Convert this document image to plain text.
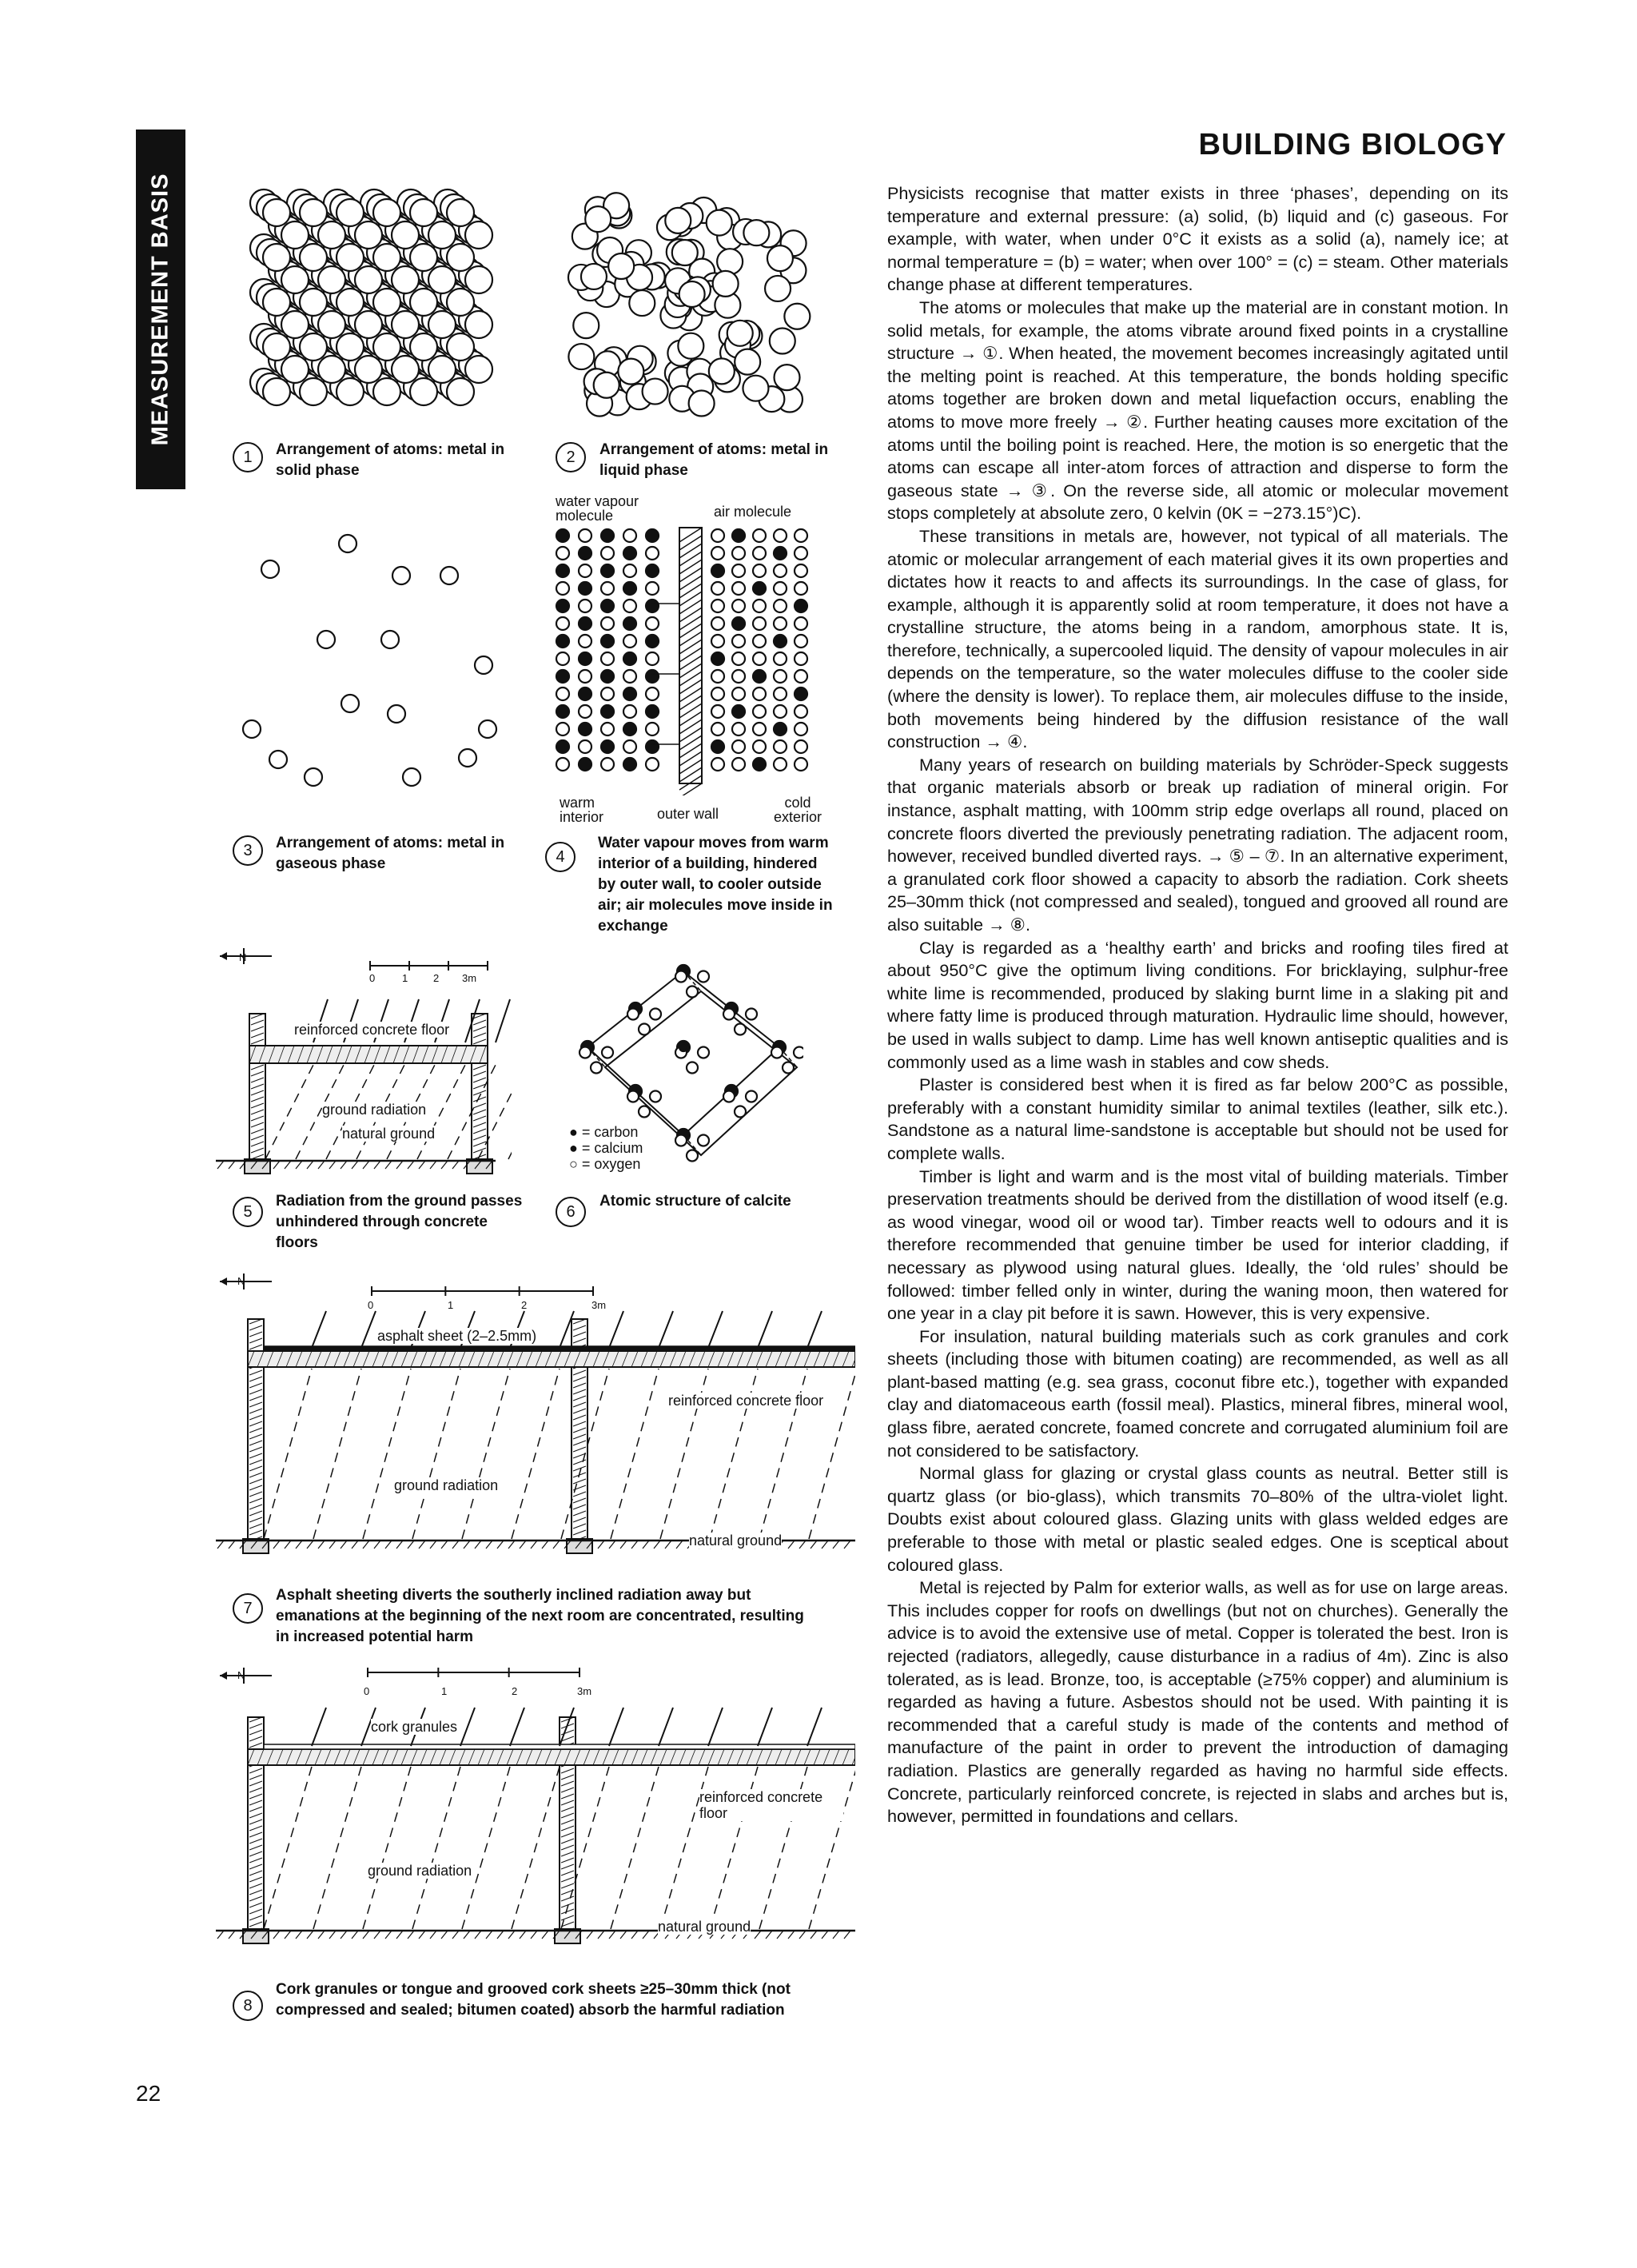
MEASUREMENT BASIS
BUILDING BIOLOGY
1	Arrangement of atoms: metal in solid phase
2	Arrangement of atoms: metal in liquid phase
3	Arrangement of atoms: metal in gaseous phase
water vapour molecule	air molecule
warm interior	outer wall
cold exterior
4
Water vapour moves from warm interior of a building, hindered by outer wall, to cooler outside air; air molecules move inside in exchange
N
0	1 2 3m
reinforced concrete floor
ground radiation
natural ground
5
Radiation from the ground passes unhindered through concrete floors
● = carbon
● = calcium
○ = oxygen
6
Atomic structure of calcite
N
0	1	2	3m
asphalt sheet (2–2.5mm)
reinforced concrete floor
ground radiation
natural ground
7
Asphalt sheeting diverts the southerly inclined radiation away but emanations at the beginning of the next room are concentrated, resulting in increased potential harm
N
0	1	2	3m
cork granules
reinforced concrete floor
ground radiation
natural ground
8
Cork granules or tongue and grooved cork sheets ≥25–30mm thick (not compressed and sealed; bitumen coated) absorb the harmful radiation

Physicists recognise that matter exists in three ‘phases’, depending on its temperature and external pressure: (a) solid, (b) liquid and (c) gaseous. For example, with water, when under 0°C it exists as a solid (a), namely ice; at normal temperature = (b) = water; when over 100° = (c) = steam. Other materials change phase at different temperatures.

The atoms or molecules that make up the material are in constant motion. In solid metals, for example, the atoms vibrate around fixed points in a crystalline structure → ①. When heated, the movement becomes increasingly agitated until the melting point is reached. At this temperature, the bonds holding specific atoms together are broken down and metal liquefaction occurs, enabling the atoms to move more freely → ②. Further heating causes more excitation of the atoms until the boiling point is reached. Here, the motion is so energetic that the atoms can escape all inter-atom forces of attraction and disperse to form the gaseous state → ③. On the reverse side, all atomic or molecular movement stops completely at absolute zero, 0 kelvin (0K = −273.15°)C).

These transitions in metals are, however, not typical of all materials. The atomic or molecular arrangement of each material gives it its own properties and dictates how it reacts to and affects its surroundings. In the case of glass, for example, although it is apparently solid at room temperature, it does not have a crystalline structure, the atoms being in a random, amorphous state. It is, therefore, technically, a supercooled liquid. The density of vapour molecules in air depends on the temperature, so the water molecules diffuse to the cooler side (where the density is lower). To replace them, air molecules diffuse to the inside, both movements being hindered by the diffusion resistance of the wall construction → ④.

Many years of research on building materials by Schröder-Speck suggests that organic materials absorb or break up radiation of mineral origin. For instance, asphalt matting, with 100mm strip edge overlaps all round, placed on concrete floors diverted the previously penetrating radiation. The adjacent room, however, received bundled diverted rays. → ⑤ – ⑦. In an alternative experiment, a granulated cork floor showed a capacity to absorb the radiation. Cork sheets 25–30mm thick (not compressed and sealed), tongued and grooved all round are also suitable → ⑧.

Clay is regarded as a ‘healthy earth’ and bricks and roofing tiles fired at about 950°C give the optimum living conditions. For bricklaying, sulphur-free white lime is recommended, produced by slaking burnt lime in a slaking pit and where fatty lime is produced through maturation. Hydraulic lime should, however, be used in walls subject to damp. Lime has well known antiseptic qualities and is commonly used as a lime wash in stables and cow sheds.

Plaster is considered best when it is fired as far below 200°C as possible, preferably with a constant humidity similar to animal textiles (leather, silk etc.). Sandstone as a natural lime-sandstone is acceptable but should not be used for complete walls.

Timber is light and warm and is the most vital of building materials. Timber preservation treatments should be derived from the distillation of wood itself (e.g. as wood vinegar, wood oil or wood tar). Timber reacts well to odours and it is therefore recommended that genuine timber be used for interior cladding, if necessary as plywood using natural glues. Ideally, the ‘old rules’ should be followed: timber felled only in winter, during the waning moon, then watered for one year in a clay pit before it is sawn. However, this is very expensive.

For insulation, natural building materials such as cork granules and cork sheets (including those with bitumen coating) are recommended, as well as all plant-based matting (e.g. sea grass, coconut fibre etc.), together with expanded clay and diatomaceous earth (fossil meal). Plastics, mineral fibres, mineral wool, glass fibre, aerated concrete, foamed concrete and corrugated aluminium foil are not considered to be satisfactory.

Normal glass for glazing or crystal glass counts as neutral. Better still is quartz glass (or bio-glass), which transmits 70–80% of the ultra-violet light. Doubts exist about coloured glass. Glazing units with glass welded edges are preferable to those with metal or plastic sealed edges. One is sceptical about coloured glass.

Metal is rejected by Palm for exterior walls, as well as for use on large areas. This includes copper for roofs on dwellings (but not on churches). Generally the advice is to avoid the extensive use of metal. Copper is tolerated the best. Iron is rejected (radiators, allegedly, cause disturbance in a radius of 4m). Zinc is also tolerated, as is lead. Bronze, too, is acceptable (≥75% copper) and aluminium is regarded as having a future. Asbestos should not be used. With painting it is recommended that a careful study is made of the contents and method of manufacture of the paint in order to prevent the introduction of damaging radiation. Plastics are generally regarded as having no harmful side effects. Concrete, particularly reinforced concrete, is rejected in slabs and arches but is, however, permitted in foundations and cellars.

22
